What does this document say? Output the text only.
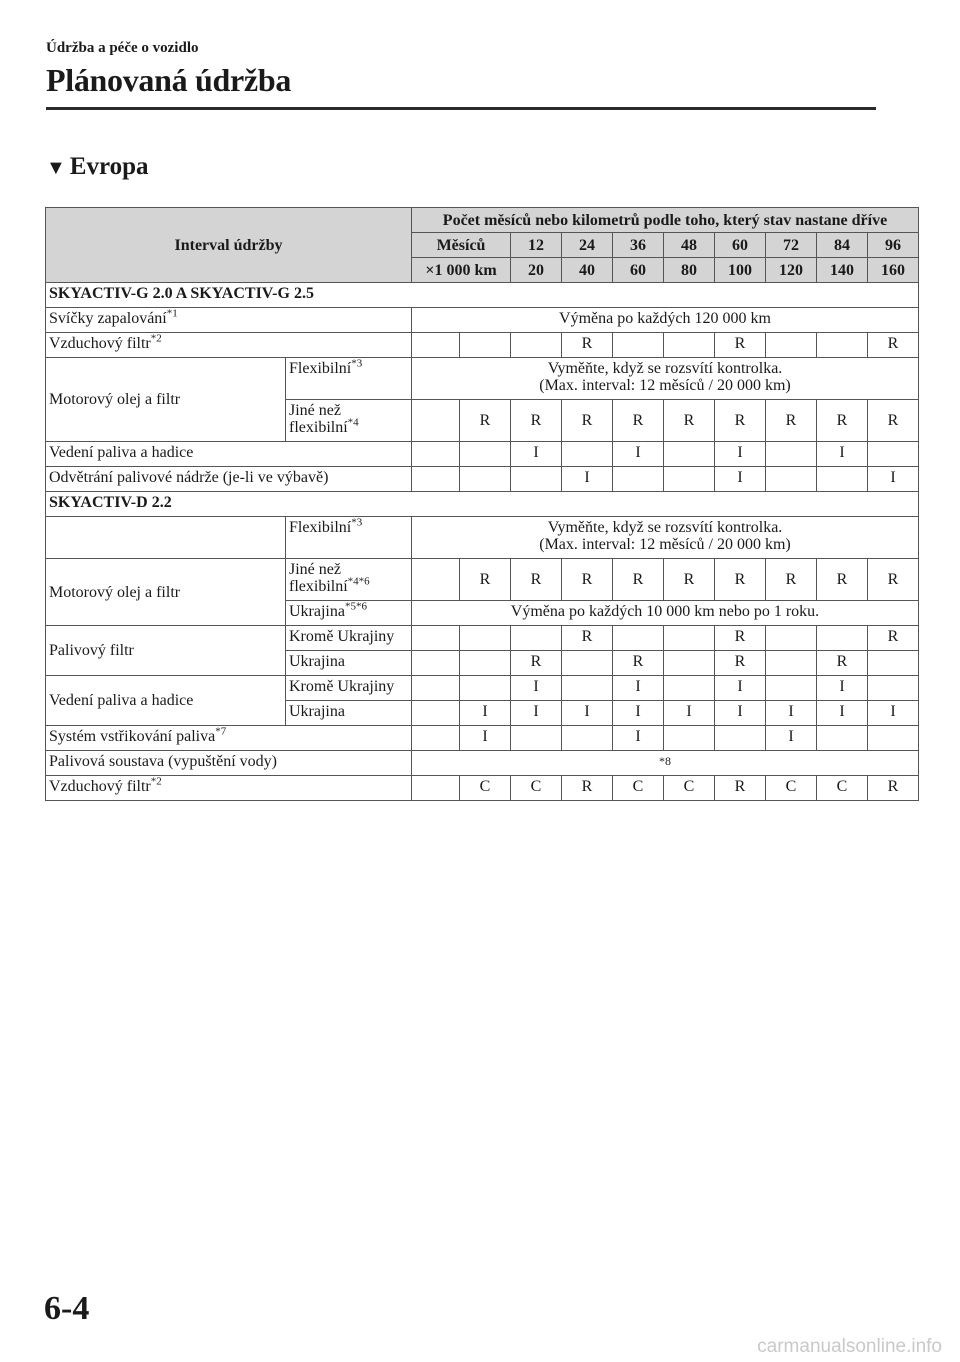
Údržba a péče o vozidlo
Plánovaná údržba
▼ Evropa
Interval údržby		Počet měsíců nebo kilometrů podle toho, který stav nastane dříve										
		Měsíců		12	24	36	48	60	72	84	96	
		×1 000 km		20	40	60	80	100	120	140	160	
SKYACTIV-G 2.0 A SKYACTIV-G 2.5												
Svíčky zapalování$^{*1}$		Výměna po každých 120 000 km										
Vzduchový filtr$^{*2}$					R			R			R	
Motorový olej a filtr	Flexibilní$^{*3}$	Vyměňte, když se rozsvítí kontrolka.
(Max. interval: 12 měsíců / 20 000 km)										
	Jiné než
flexibilní$^{*4}$		R	R	R	R	R	R	R	R	R	
Vedení paliva a hadice				I		I		I		I		
Odvětrání palivové nádrže (je-li ve výbavě)					I			I			I	
SKYACTIV-D 2.2												
	Flexibilní$^{*3}$	Vyměňte, když se rozsvítí kontrolka.
(Max. interval: 12 měsíců / 20 000 km)										
Motorový olej a filtr	Jiné než
flexibilní$^{*4*6}$		R	R	R	R	R	R	R	R	R	
	Ukrajina$^{*5*6}$	Výměna po každých 10 000 km nebo po 1 roku.										
Palivový filtr	Kromě Ukrajiny				R			R			R	
	Ukrajina			R		R		R		R		
Vedení paliva a hadice	Kromě Ukrajiny			I		I		I		I		
	Ukrajina		I	I	I	I	I	I	I	I	I	
Systém vstřikování paliva$^{*7}$			I			I			I			
Palivová soustava (vypuštění vody)		*8										
Vzduchový filtr$^{*2}$			C	C	R	C	C	R	C	C	R	
6-4
carmanualsonline.info
